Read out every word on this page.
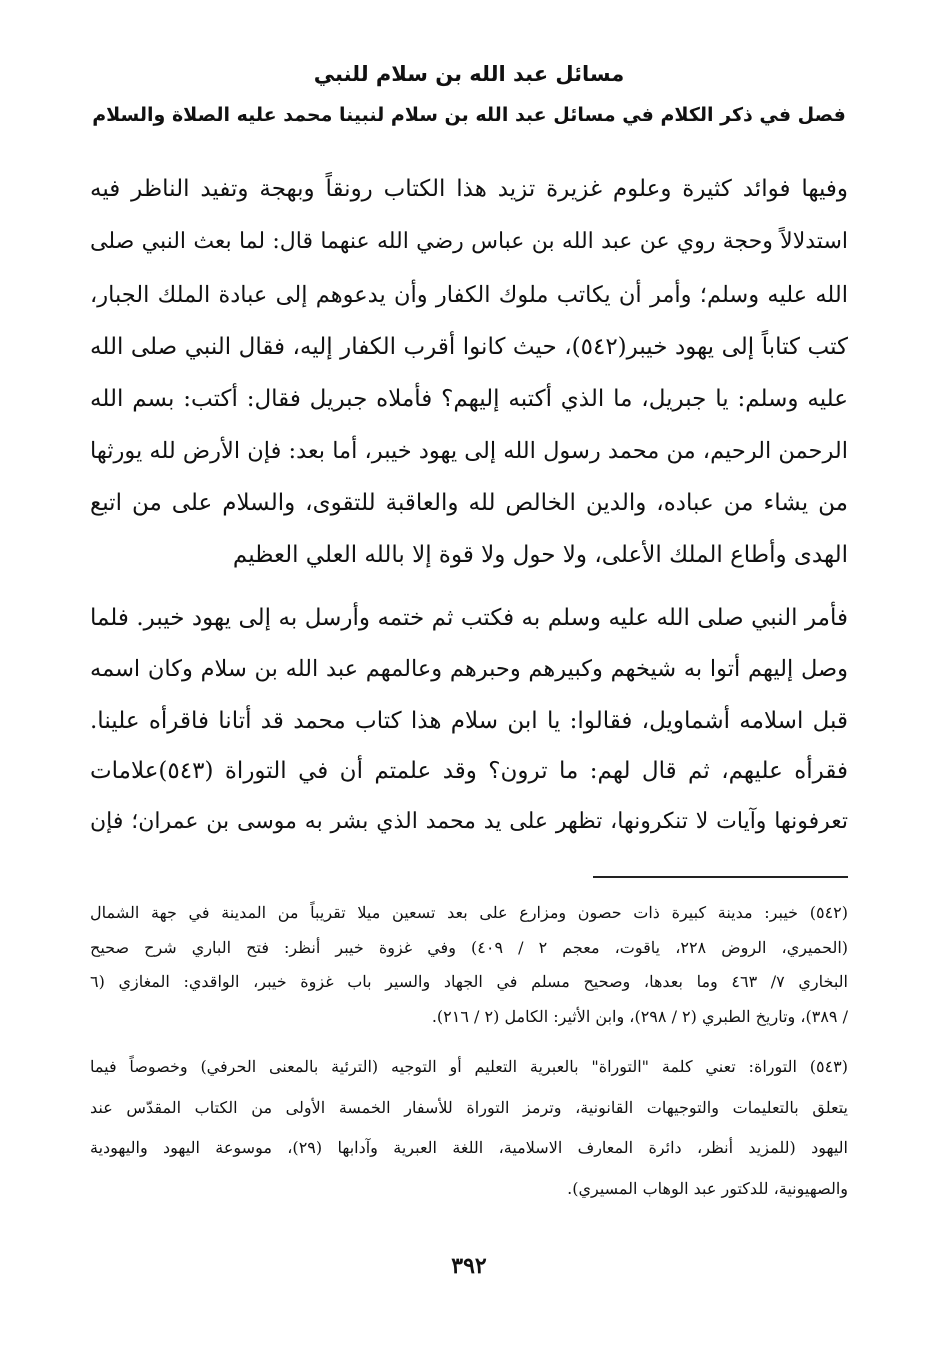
مسائل عبد الله بن سلام للنبي
فصل في ذكر الكلام في مسائل عبد الله بن سلام لنبينا محمد عليه الصلاة والسلام
وفيها فوائد كثيرة وعلوم غزيرة تزيد هذا الكتاب رونقاً وبهجة وتفيد الناظر فيه
استدلالاً وحجة روي عن عبد الله بن عباس رضي الله عنهما قال: لما بعث النبي صلى
الله عليه وسلم؛ وأمر أن يكاتب ملوك الكفار وأن يدعوهم إلى عبادة الملك الجبار،
كتب كتاباً إلى يهود خيبر(٥٤٢)، حيث كانوا أقرب الكفار إليه، فقال النبي صلى الله
عليه وسلم: يا جبريل، ما الذي أكتبه إليهم؟ فأملاه جبريل فقال: أكتب: بسم الله
الرحمن الرحيم، من محمد رسول الله إلى يهود خيبر، أما بعد: فإن الأرض لله يورثها
من يشاء من عباده، والدين الخالص لله والعاقبة للتقوى، والسلام على من اتبع
الهدى وأطاع الملك الأعلى، ولا حول ولا قوة إلا بالله العلي العظيم
فأمر النبي صلى الله عليه وسلم به فكتب ثم ختمه وأرسل به إلى يهود خيبر. فلما
وصل إليهم أتوا به شيخهم وكبيرهم وحبرهم وعالمهم عبد الله بن سلام وكان اسمه
قبل اسلامه أشماويل، فقالوا: يا ابن سلام هذا كتاب محمد قد أتانا فاقرأه علينا.
فقرأه عليهم، ثم قال لهم: ما ترون؟ وقد علمتم أن في التوراة (٥٤٣)علامات
تعرفونها وآيات لا تنكرونها، تظهر على يد محمد الذي بشر به موسى بن عمران؛ فإن
(٥٤٢) خيبر: مدينة كبيرة ذات حصون ومزارع على بعد تسعين ميلا تقريباً من المدينة في جهة الشمال
(الحميري، الروض ٢٢٨، ياقوت، معجم ٢ / ٤٠٩) وفي غزوة خيبر أنظر: فتح الباري شرح صحيح
البخاري ٧/ ٤٦٣ وما بعدها، وصحيح مسلم في الجهاد والسير باب غزوة خيبر، الواقدي: المغازي (٦
/ ٣٨٩)، وتاريخ الطبري (٢ / ٢٩٨)، وابن الأثير: الكامل (٢ / ٢١٦).
(٥٤٣) التوراة: تعني كلمة "التوراة" بالعبرية التعليم أو التوجيه (الترئية بالمعنى الحرفي) وخصوصاً فيما
يتعلق بالتعليمات والتوجيهات القانونية، وترمز التوراة للأسفار الخمسة الأولى من الكتاب المقدّس عند
اليهود (للمزيد أنظر، دائرة المعارف الاسلامية، اللغة العبرية وآدابها (٢٩)، موسوعة اليهود واليهودية
والصهيونية، للدكتور عبد الوهاب المسيري).
٣٩٢
